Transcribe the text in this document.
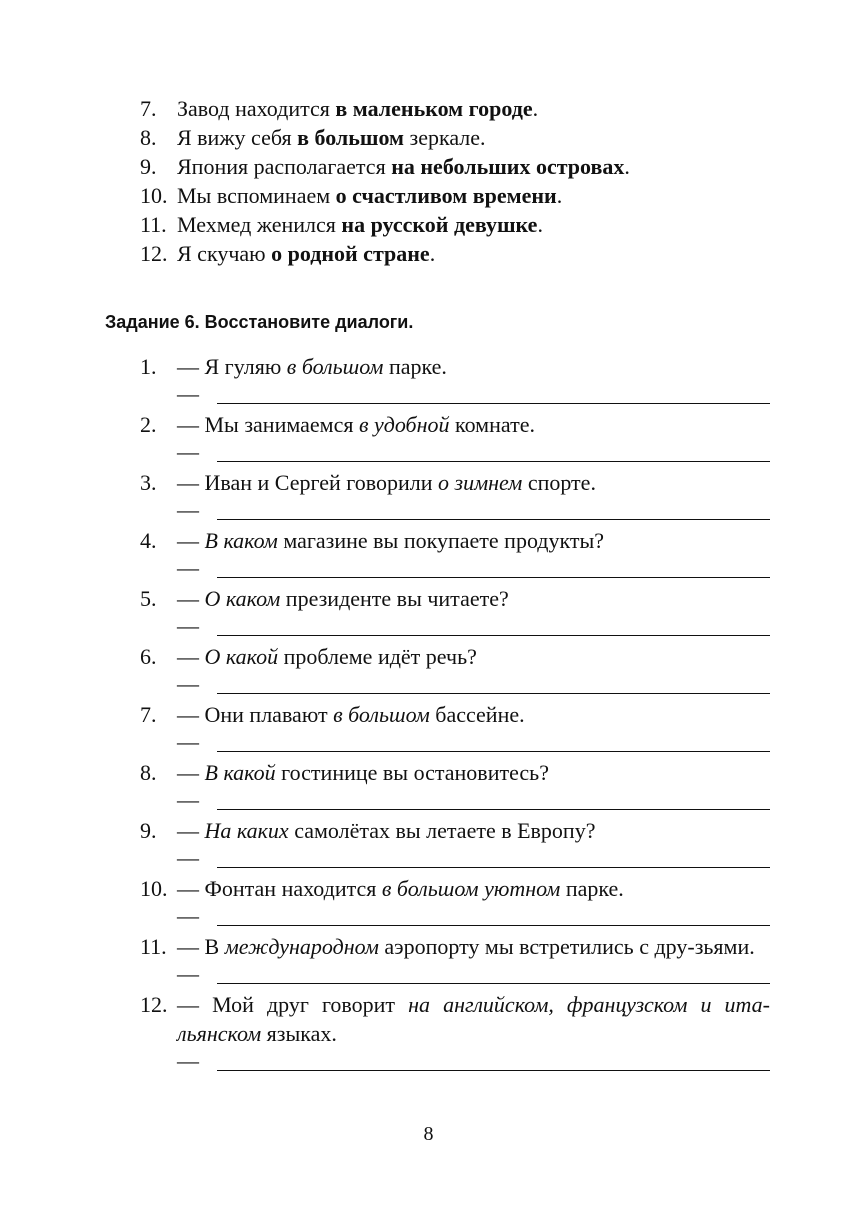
7. Завод находится в маленьком городе.
8. Я вижу себя в большом зеркале.
9. Япония располагается на небольших островах.
10. Мы вспоминаем о счастливом времени.
11. Мехмед женился на русской девушке.
12. Я скучаю о родной стране.
Задание 6. Восстановите диалоги.
1. — Я гуляю в большом парке.
—
2. — Мы занимаемся в удобной комнате.
—
3. — Иван и Сергей говорили о зимнем спорте.
—
4. — В каком магазине вы покупаете продукты?
—
5. — О каком президенте вы читаете?
—
6. — О какой проблеме идёт речь?
—
7. — Они плавают в большом бассейне.
—
8. — В какой гостинице вы остановитесь?
—
9. — На каких самолётах вы летаете в Европу?
—
10. — Фонтан находится в большом уютном парке.
—
11. — В международном аэропорту мы встретились с дру-зьями.
—
12. — Мой друг говорит на английском, французском и ита-льянском языках.
—
8
